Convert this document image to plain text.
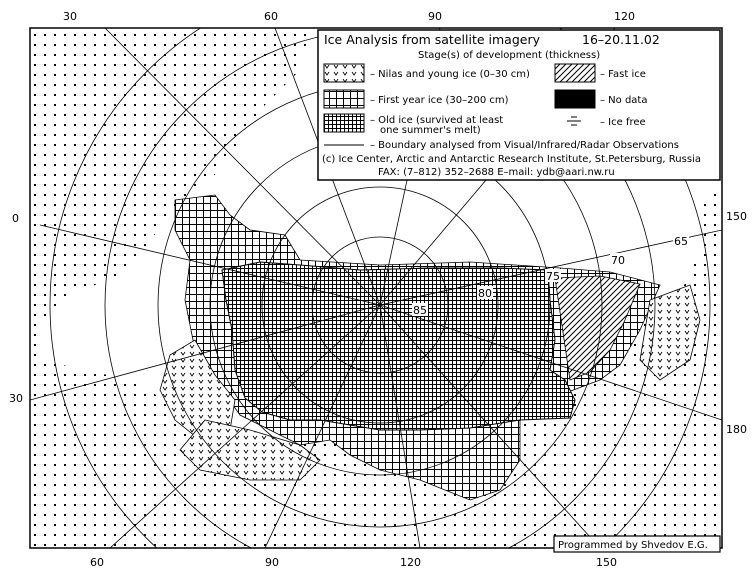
30	60	90	120
60	90	120	150
0
30
150
180
85
80
75
70
65
Ice Analysis from satellite imagery	16–20.11.02
Stage(s) of development (thickness)
– Nilas and young ice (0–30 cm)	– Fast ice
– First year ice (30–200 cm)	– No data
– Old ice (survived at least
one summer's melt)
– Ice free
– Boundary analysed from Visual/Infrared/Radar Observations
(c) Ice Center, Arctic and Antarctic Research Institute, St.Petersburg, Russia
FAX: (7–812) 352–2688 E–mail: ydb@aari.nw.ru
Programmed by Shvedov E.G.
